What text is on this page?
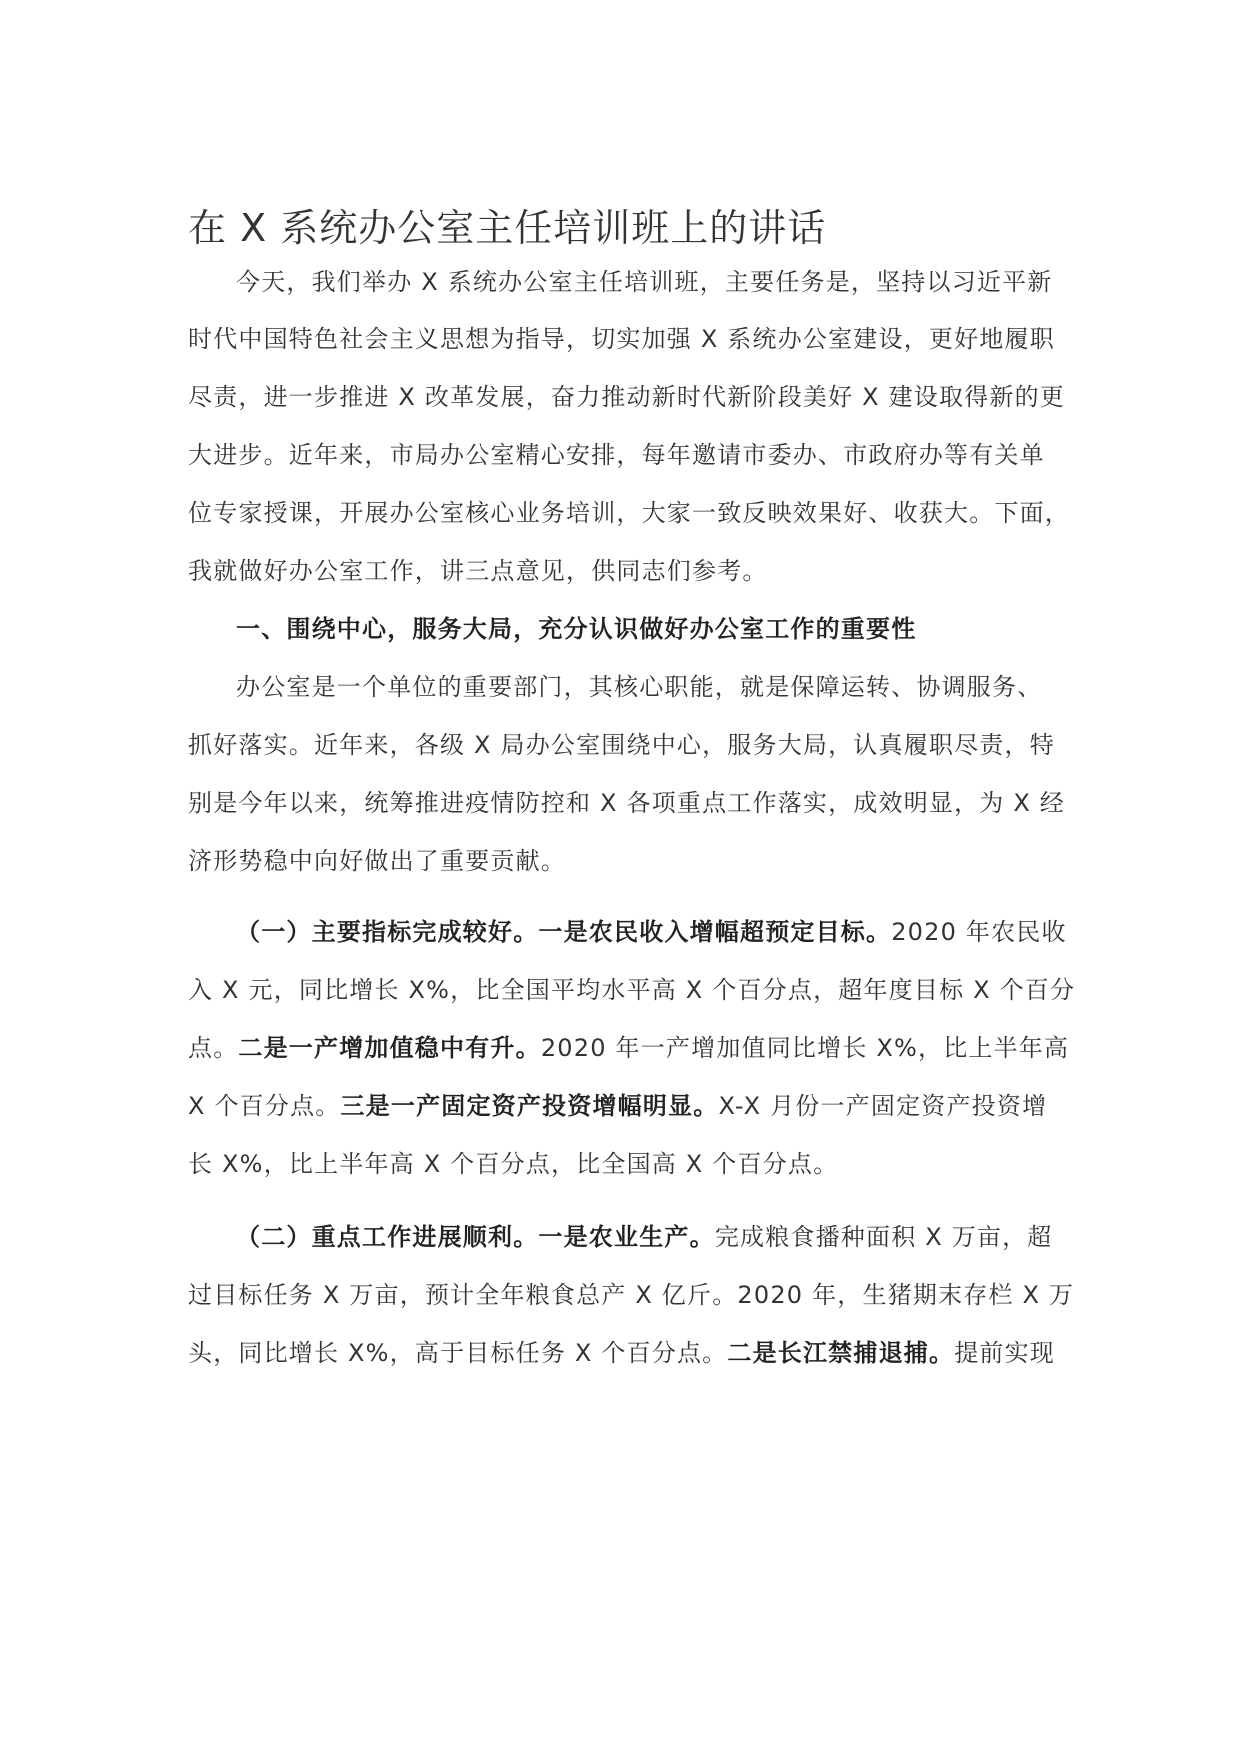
在 X 系统办公室主任培训班上的讲话
今天，我们举办 X 系统办公室主任培训班，主要任务是，坚持以习近平新
时代中国特色社会主义思想为指导，切实加强 X 系统办公室建设，更好地履职
尽责，进一步推进 X 改革发展，奋力推动新时代新阶段美好 X 建设取得新的更
大进步。近年来，市局办公室精心安排，每年邀请市委办、市政府办等有关单
位专家授课，开展办公室核心业务培训，大家一致反映效果好、收获大。下面，
我就做好办公室工作，讲三点意见，供同志们参考。
一、围绕中心，服务大局，充分认识做好办公室工作的重要性
办公室是一个单位的重要部门，其核心职能，就是保障运转、协调服务、
抓好落实。近年来，各级 X 局办公室围绕中心，服务大局，认真履职尽责，特
别是今年以来，统筹推进疫情防控和 X 各项重点工作落实，成效明显，为 X 经
济形势稳中向好做出了重要贡献。
（一）主要指标完成较好。一是农民收入增幅超预定目标。2020 年农民收
入 X 元，同比增长 X%，比全国平均水平高 X 个百分点，超年度目标 X 个百分
点。二是一产增加值稳中有升。2020 年一产增加值同比增长 X%，比上半年高
X 个百分点。三是一产固定资产投资增幅明显。X-X 月份一产固定资产投资增
长 X%，比上半年高 X 个百分点，比全国高 X 个百分点。
（二）重点工作进展顺利。一是农业生产。完成粮食播种面积 X 万亩，超
过目标任务 X 万亩，预计全年粮食总产 X 亿斤。2020 年，生猪期末存栏 X 万
头，同比增长 X%，高于目标任务 X 个百分点。二是长江禁捕退捕。提前实现
